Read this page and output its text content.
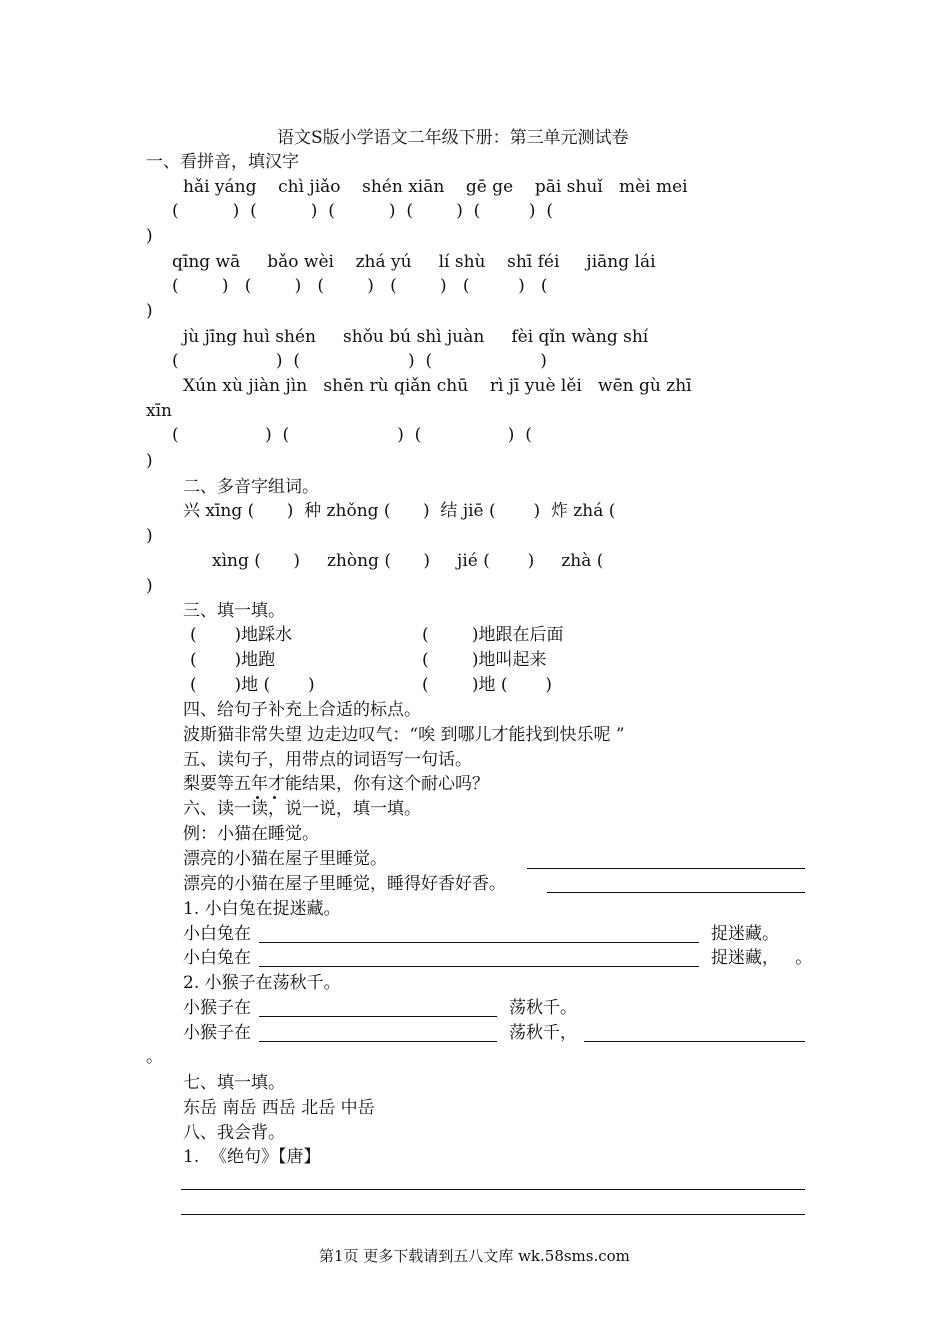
语文S版小学语文二年级下册：第三单元测试卷

一、看拼音，填汉字

hǎi yáng    chì jiǎo    shén xiān    gē ge    pāi shuǐ   mèi mei

(          )  (          )  (          )  (        )  (         )  (

)

qīng wā     bǎo wèi    zhá yú     lí shù    shī féi     jiāng lái

(        )   (        )   (        )   (        )   (         )   (

)

jù jīng huì shén     shǒu bú shì juàn     fèi qǐn wàng shí

(                  )  (                    )  (                    )

Xún xù jiàn jìn   shēn rù qiǎn chū    rì jī yuè lěi   wēn gù zhī

xīn

(                )  (                    )  (                )  (

)

二、多音字组词。

兴 xīng (      )  种 zhǒng (      )  结 jiē (       )  炸 zhá (

)

xìng (      )     zhòng (      )     jié (       )     zhà (

)

三、填一填。

(       )地踩水	(        )地跟在后面

(       )地跑	(        )地叫起来

(       )地 (       )	(        )地 (       )

四、给句子补充上合适的标点。

波斯猫非常失望 边走边叹气：“唉 到哪儿才能找到快乐呢 ”

五、读句子，用带点的词语写一句话。

梨要等五年才能结果，你有这个耐心吗？

六、读一读，说一说，填一填。

例：小猫在睡觉。

漂亮的小猫在屋子里睡觉。

漂亮的小猫在屋子里睡觉，睡得好香好香。

1. 小白兔在捉迷藏。

小白兔在	捉迷藏。

小白兔在	捉迷藏，   。

2. 小猴子在荡秋千。

小猴子在	荡秋千。

小猴子在	荡秋千，

。

七、填一填。

东岳 南岳 西岳 北岳 中岳

八、我会背。

1.  《绝句》【唐】

第1页 更多下载请到五八文库 wk.58sms.com
